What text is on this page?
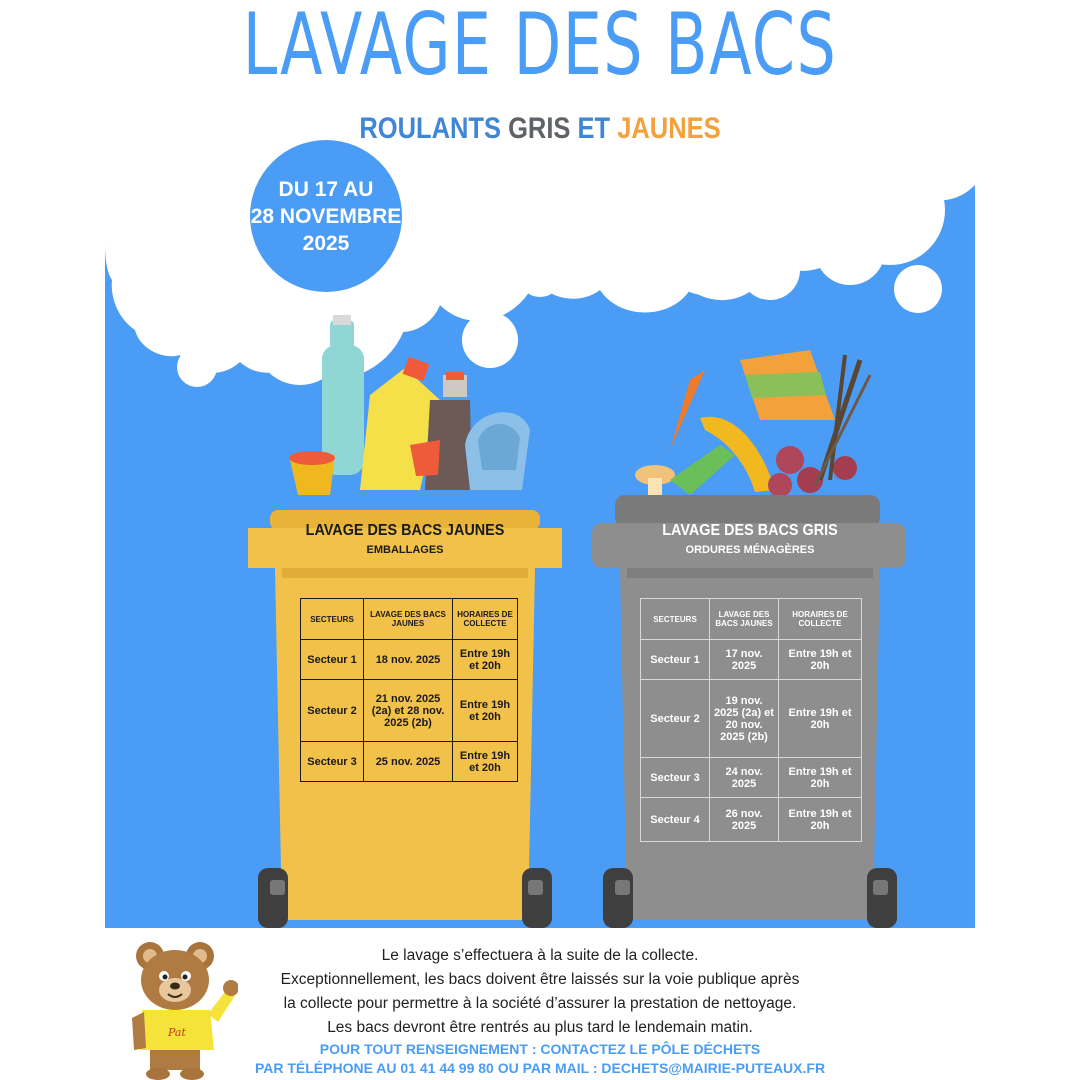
LAVAGE DES BACS
ROULANTS GRIS ET JAUNES
DU 17 AU
28 NOVEMBRE
2025
LAVAGE DES BACS JAUNES
EMBALLAGES
LAVAGE DES BACS GRIS
ORDURES MÉNAGÈRES
SECTEURS	LAVAGE DES BACS JAUNES	HORAIRES DE COLLECTE
Secteur 1	18 nov. 2025	Entre 19h et 20h
Secteur 2	21 nov. 2025 (2a) et 28 nov. 2025 (2b)	Entre 19h et 20h
Secteur 3	25 nov. 2025	Entre 19h et 20h
SECTEURS	LAVAGE DES BACS JAUNES	HORAIRES DE COLLECTE
Secteur 1	17 nov. 2025	Entre 19h et 20h
Secteur 2	19 nov. 2025 (2a) et 20 nov. 2025 (2b)	Entre 19h et 20h
Secteur 3	24 nov. 2025	Entre 19h et 20h
Secteur 4	26 nov. 2025	Entre 19h et 20h
Pat
Le lavage s’effectuera à la suite de la collecte.
Exceptionnellement, les bacs doivent être laissés sur la voie publique après
la collecte pour permettre à la société d’assurer la prestation de nettoyage.
Les bacs devront être rentrés au plus tard le lendemain matin.
POUR TOUT RENSEIGNEMENT : CONTACTEZ LE PÔLE DÉCHETS
PAR TÉLÉPHONE AU 01 41 44 99 80 OU PAR MAIL : DECHETS@MAIRIE-PUTEAUX.FR
